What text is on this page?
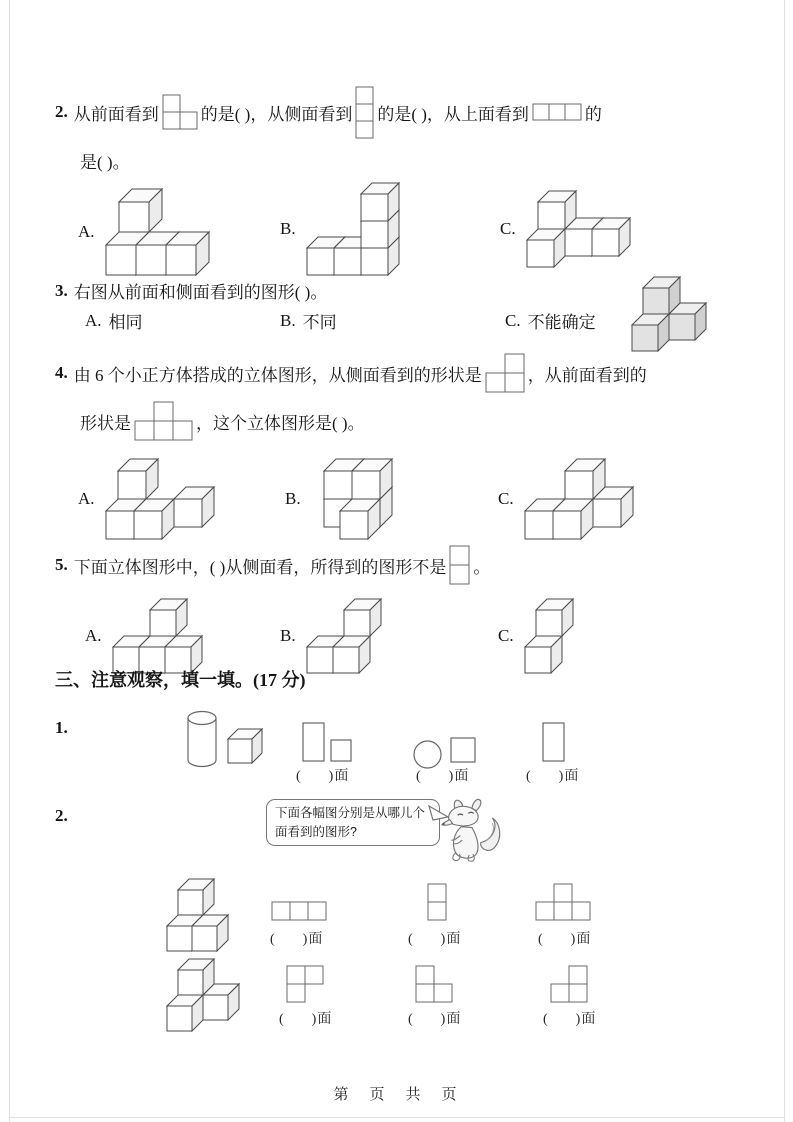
2. 从前面看到 的是( )，从侧面看到 的是( )，从上面看到	的
是( )。
A.	B.	C.
3. 右图从前面和侧面看到的图形( )。
A. 相同	B. 不同	C. 不能确定
4. 由 6 个小正方体搭成的立体图形，从侧面看到的形状是	，从前面看到的
形状是	，这个立体图形是( )。
A.	B.	C.
5. 下面立体图形中，( )从侧面看，所得到的图形不是 。
A.	B.	C.
三、注意观察，填一填。(17 分)
1.
(      )面	(      )面	(      )面
2.	下面各幅图分别是从哪儿个
面看到的图形?
(      )面	(      )面	(      )面
(      )面	(      )面	(      )面
第　页　共　页
